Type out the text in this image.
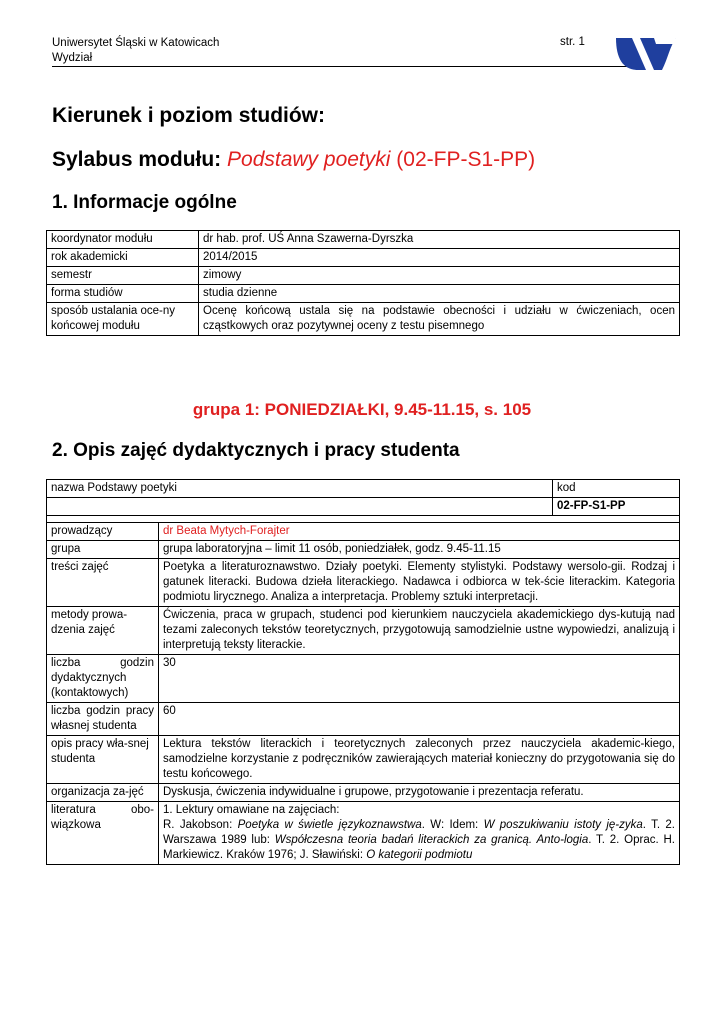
Uniwersytet Śląski w Katowicach
Wydział
str. 1
Kierunek i poziom studiów:
Sylabus modułu: Podstawy poetyki (02-FP-S1-PP)
1. Informacje ogólne
koordynator modułu	dr hab. prof. UŚ Anna Szawerna-Dyrszka
rok akademicki	2014/2015
semestr	zimowy
forma studiów	studia dzienne
sposób ustalania oce-ny końcowej modułu	Ocenę końcową ustala się na podstawie obecności i udziału w ćwiczeniach, ocen cząstkowych oraz pozytywnej oceny z testu pisemnego
grupa 1: PONIEDZIAŁKI, 9.45-11.15, s. 105
2. Opis zajęć dydaktycznych i pracy studenta
nazwa Podstawy poetyki		kod
		02-FP-S1-PP

prowadzący	dr Beata Mytych-Forajter	
grupa	grupa laboratoryjna – limit 11 osób, poniedziałek, godz. 9.45-11.15	
treści zajęć	Poetyka a literaturoznawstwo. Działy poetyki. Elementy stylistyki. Podstawy wersolo-gii. Rodzaj i gatunek literacki. Budowa dzieła literackiego. Nadawca i odbiorca w tek-ście literackim. Kategoria podmiotu lirycznego. Analiza a interpretacja. Problemy sztuki interpretacji.	
metody prowa-dzenia zajęć	Ćwiczenia, praca w grupach, studenci pod kierunkiem nauczyciela akademickiego dys-kutują nad tezami zaleconych tekstów teoretycznych, przygotowują samodzielnie ustne wypowiedzi, analizują i interpretują teksty literackie.	
liczba godzin dydaktycznych (kontaktowych)	30	
liczba godzin pracy własnej studenta	60	
opis pracy wła-snej studenta	Lektura tekstów literackich i teoretycznych zaleconych przez nauczyciela akademic-kiego, samodzielne korzystanie z podręczników zawierających materiał konieczny do przygotowania się do testu końcowego.	
organizacja za-jęć	Dyskusja, ćwiczenia indywidualne i grupowe, przygotowanie i prezentacja referatu.	
literatura obo-wiązkowa	1. Lektury omawiane na zajęciach:
R. Jakobson: Poetyka w świetle językoznawstwa. W: Idem: W poszukiwaniu istoty ję-zyka. T. 2. Warszawa 1989 lub: Współczesna teoria badań literackich za granicą. Anto-logia. T. 2. Oprac. H. Markiewicz. Kraków 1976; J. Sławiński: O kategorii podmiotu	
